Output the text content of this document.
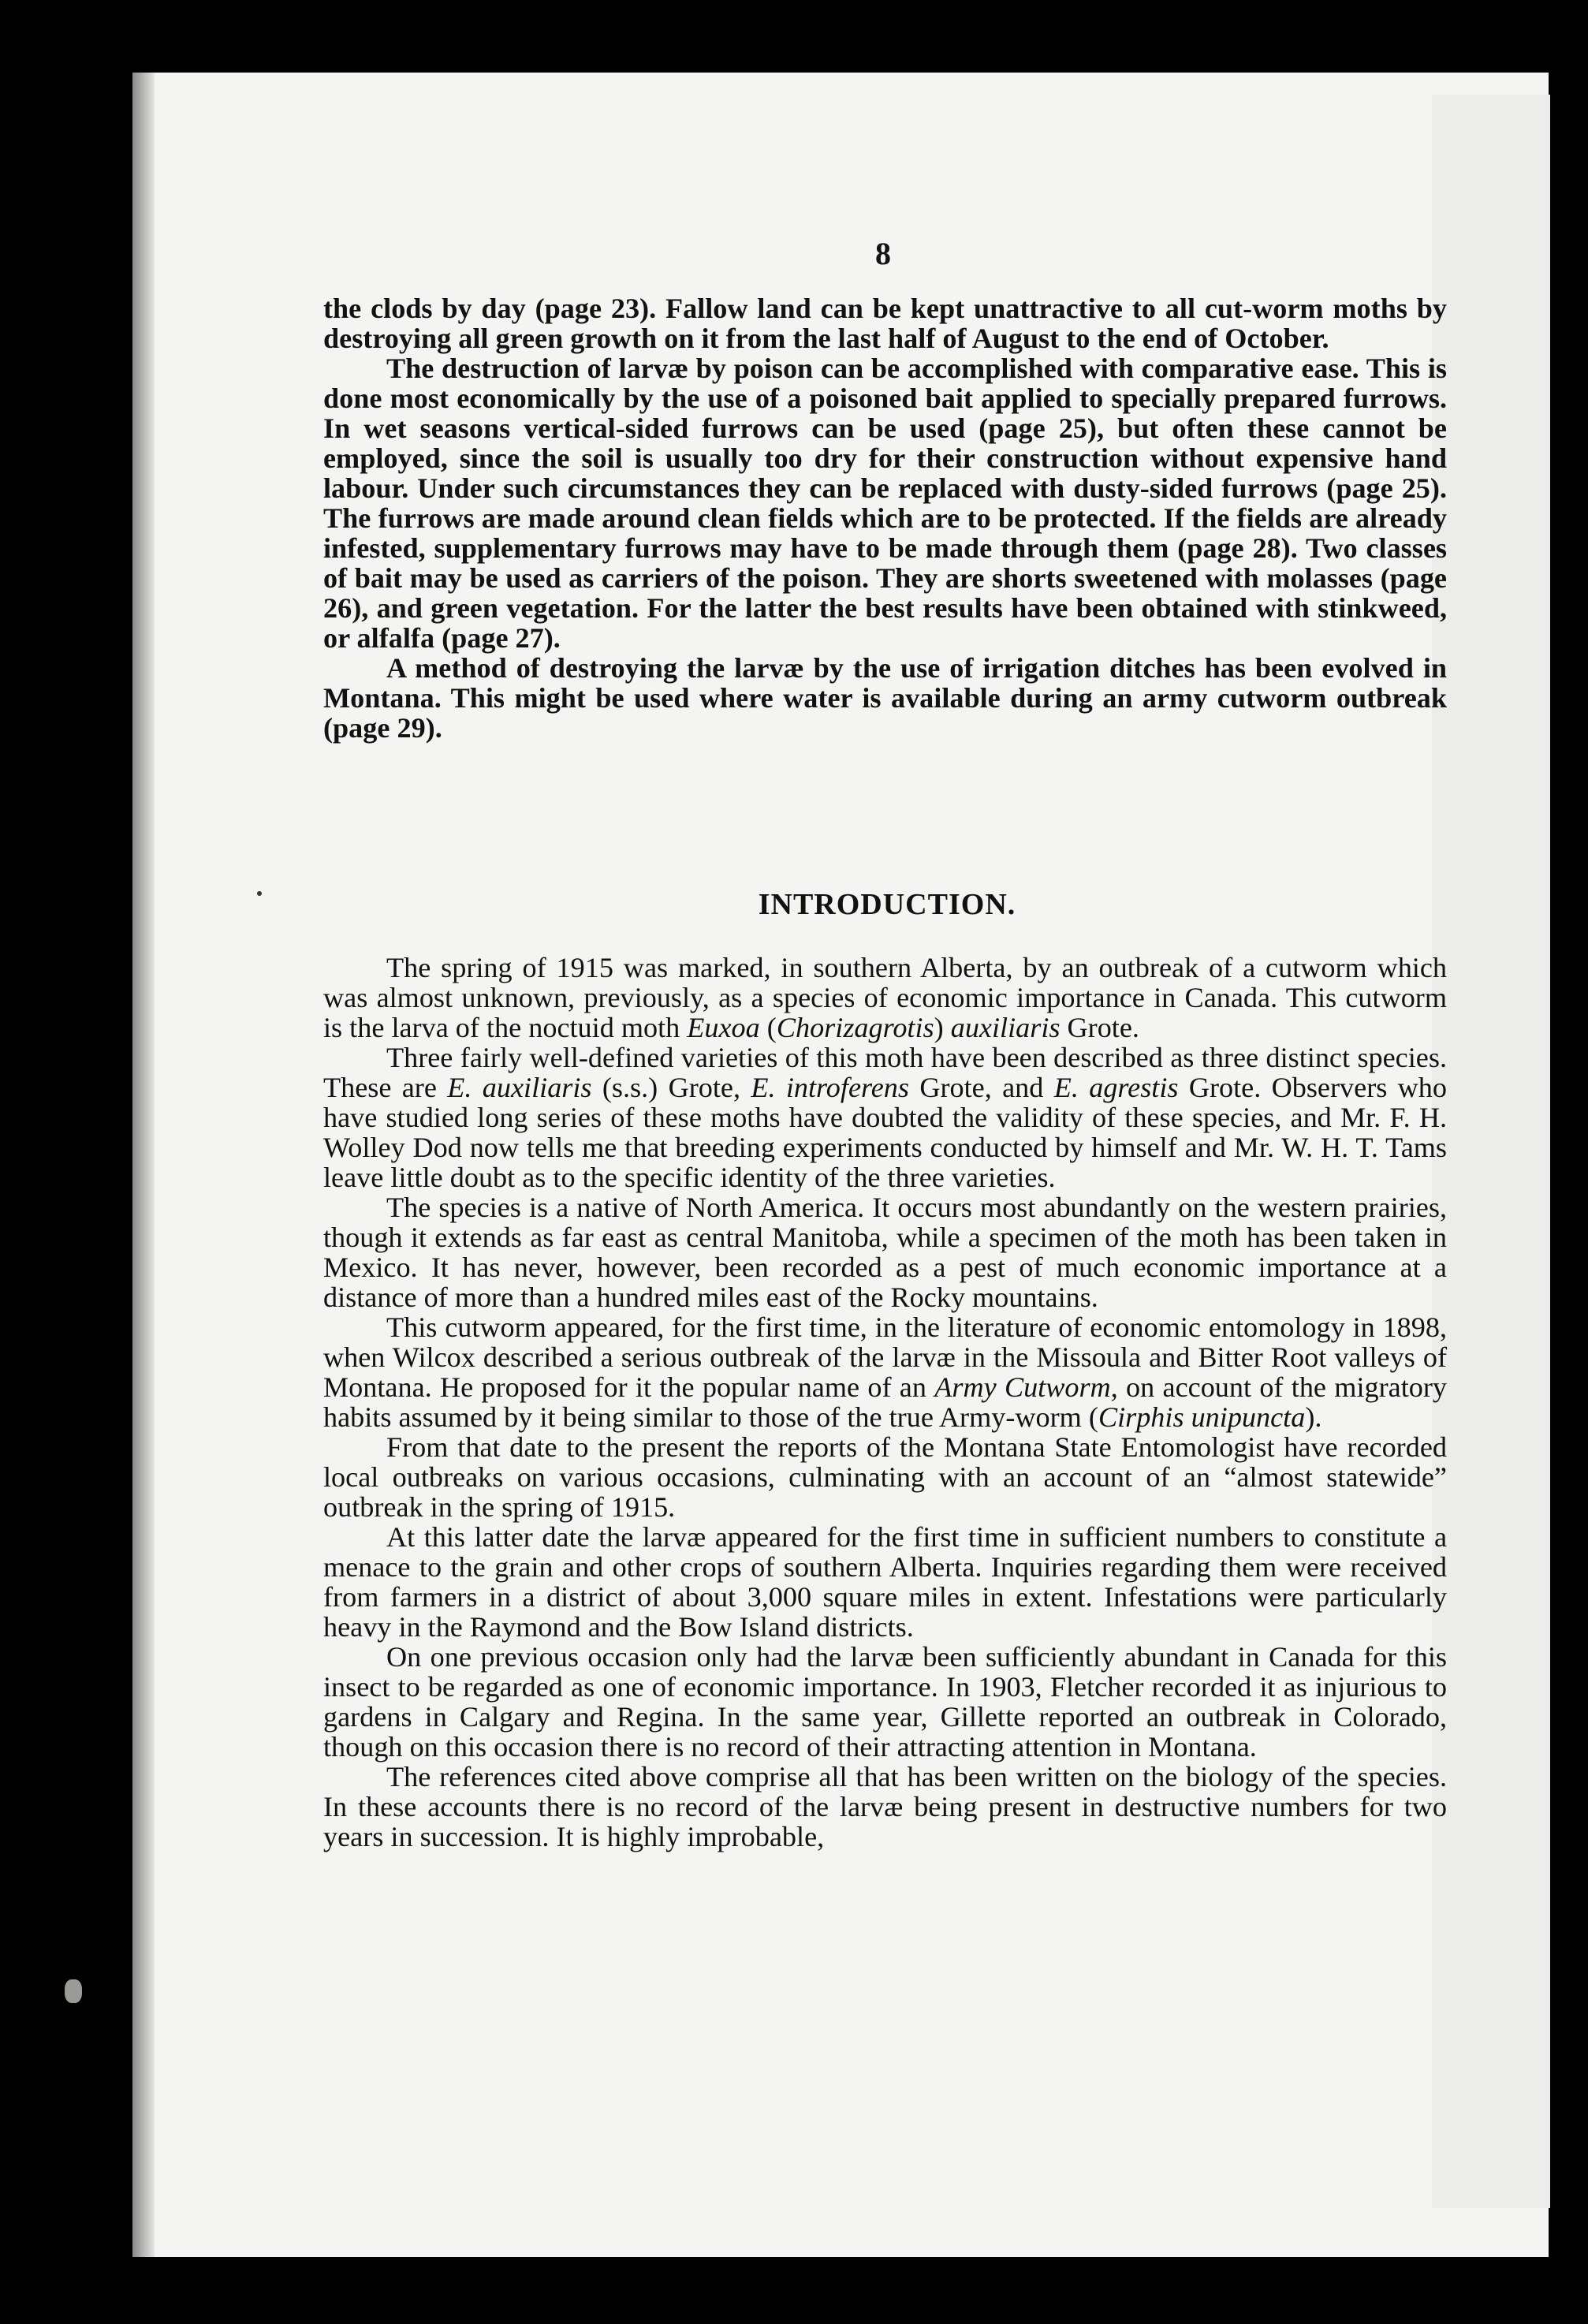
8

the clods by day (page 23). Fallow land can be kept unattractive to all cut-worm moths by destroying all green growth on it from the last half of August to the end of October.

The destruction of larvæ by poison can be accomplished with comparative ease. This is done most economically by the use of a poisoned bait applied to specially prepared furrows. In wet seasons vertical-sided furrows can be used (page 25), but often these cannot be employed, since the soil is usually too dry for their construction without expensive hand labour. Under such circumstances they can be replaced with dusty-sided furrows (page 25). The furrows are made around clean fields which are to be protected. If the fields are already infested, supplementary furrows may have to be made through them (page 28). Two classes of bait may be used as carriers of the poison. They are shorts sweetened with molasses (page 26), and green vegetation. For the latter the best results have been obtained with stinkweed, or alfalfa (page 27).

A method of destroying the larvæ by the use of irrigation ditches has been evolved in Montana. This might be used where water is available during an army cutworm outbreak (page 29).

INTRODUCTION.

The spring of 1915 was marked, in southern Alberta, by an outbreak of a cutworm which was almost unknown, previously, as a species of economic importance in Canada. This cutworm is the larva of the noctuid moth Euxoa (Chorizagrotis) auxiliaris Grote.

Three fairly well-defined varieties of this moth have been described as three distinct species. These are E. auxiliaris (s.s.) Grote, E. introferens Grote, and E. agrestis Grote. Observers who have studied long series of these moths have doubted the validity of these species, and Mr. F. H. Wolley Dod now tells me that breeding experiments conducted by himself and Mr. W. H. T. Tams leave little doubt as to the specific identity of the three varieties.

The species is a native of North America. It occurs most abundantly on the western prairies, though it extends as far east as central Manitoba, while a specimen of the moth has been taken in Mexico. It has never, however, been recorded as a pest of much economic importance at a distance of more than a hundred miles east of the Rocky mountains.

This cutworm appeared, for the first time, in the literature of economic entomology in 1898, when Wilcox described a serious outbreak of the larvæ in the Missoula and Bitter Root valleys of Montana. He proposed for it the popular name of an Army Cutworm, on account of the migratory habits assumed by it being similar to those of the true Army-worm (Cirphis unipuncta).

From that date to the present the reports of the Montana State Entomologist have recorded local outbreaks on various occasions, culminating with an account of an “almost statewide” outbreak in the spring of 1915.

At this latter date the larvæ appeared for the first time in sufficient numbers to constitute a menace to the grain and other crops of southern Alberta. Inquiries regarding them were received from farmers in a district of about 3,000 square miles in extent. Infestations were particularly heavy in the Raymond and the Bow Island districts.

On one previous occasion only had the larvæ been sufficiently abundant in Canada for this insect to be regarded as one of economic importance. In 1903, Fletcher recorded it as injurious to gardens in Calgary and Regina. In the same year, Gillette reported an outbreak in Colorado, though on this occasion there is no record of their attracting attention in Montana.

The references cited above comprise all that has been written on the biology of the species. In these accounts there is no record of the larvæ being present in destructive numbers for two years in succession. It is highly improbable,
